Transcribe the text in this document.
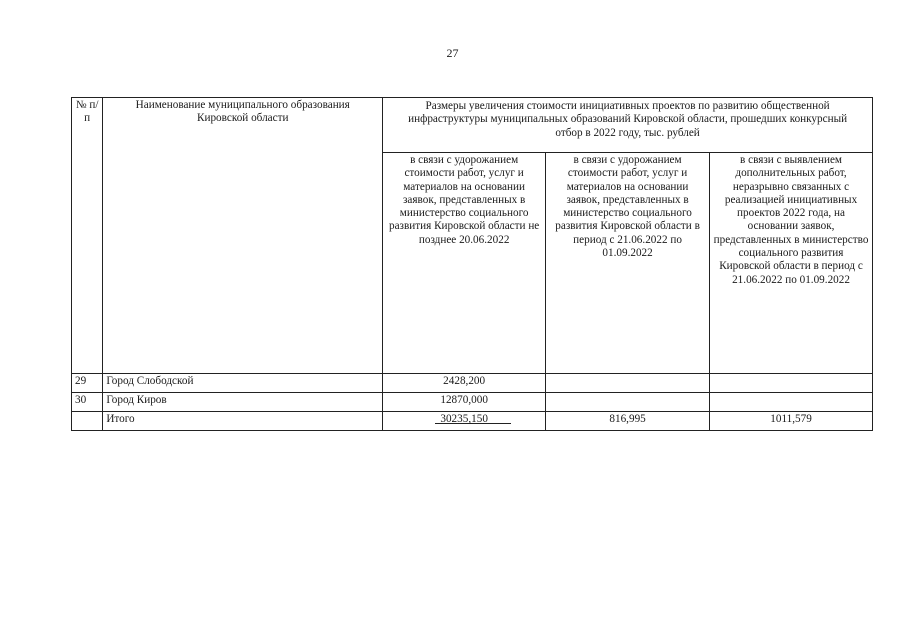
27
№ п/п	Наименование муниципального образования Кировской области	Размеры увеличения стоимости инициативных проектов по развитию общественной инфраструктуры муниципальных образований Кировской области, прошедших конкурсный отбор в 2022 году, тыс. рублей		
		в связи с удорожанием стоимости работ, услуг и материалов на основании заявок, представленных в министерство социального развития Кировской области не позднее 20.06.2022	в связи с удорожанием стоимости работ, услуг и материалов на основании заявок, представленных в министерство социального развития Кировской области в период с 21.06.2022 по 01.09.2022	в связи с выявлением дополнительных работ, неразрывно связанных с реализацией инициативных проектов 2022 года, на основании заявок, представленных в министерство социального развития Кировской области в период с 21.06.2022 по 01.09.2022
29	Город Слободской	2428,200		
30	Город Киров	12870,000		
	Итого	30235,150	816,995	1011,579
